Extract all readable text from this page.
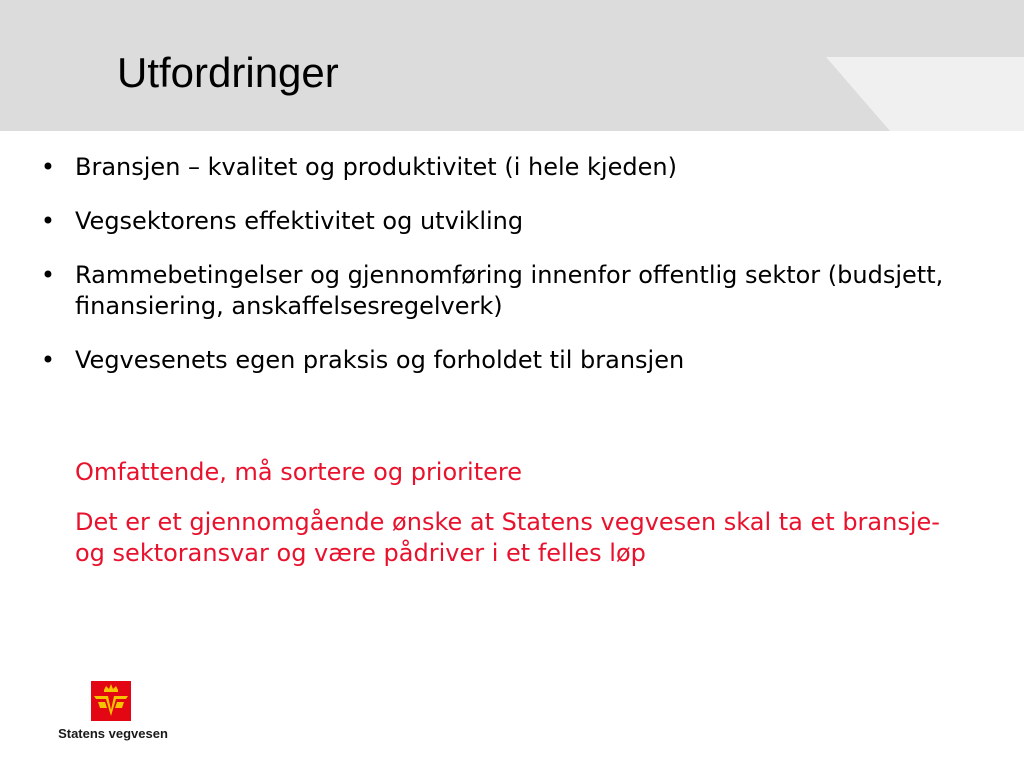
Utfordringer
• Bransjen – kvalitet og produktivitet (i hele kjeden)
• Vegsektorens effektivitet og utvikling
• Rammebetingelser og gjennomføring innenfor offentlig sektor (budsjett, finansiering, anskaffelsesregelverk)
• Vegvesenets egen praksis og forholdet til bransjen

Omfattende, må sortere og prioritere

Det er et gjennomgående ønske at Statens vegvesen skal ta et bransje- og sektoransvar og være pådriver i et felles løp

Statens vegvesen
